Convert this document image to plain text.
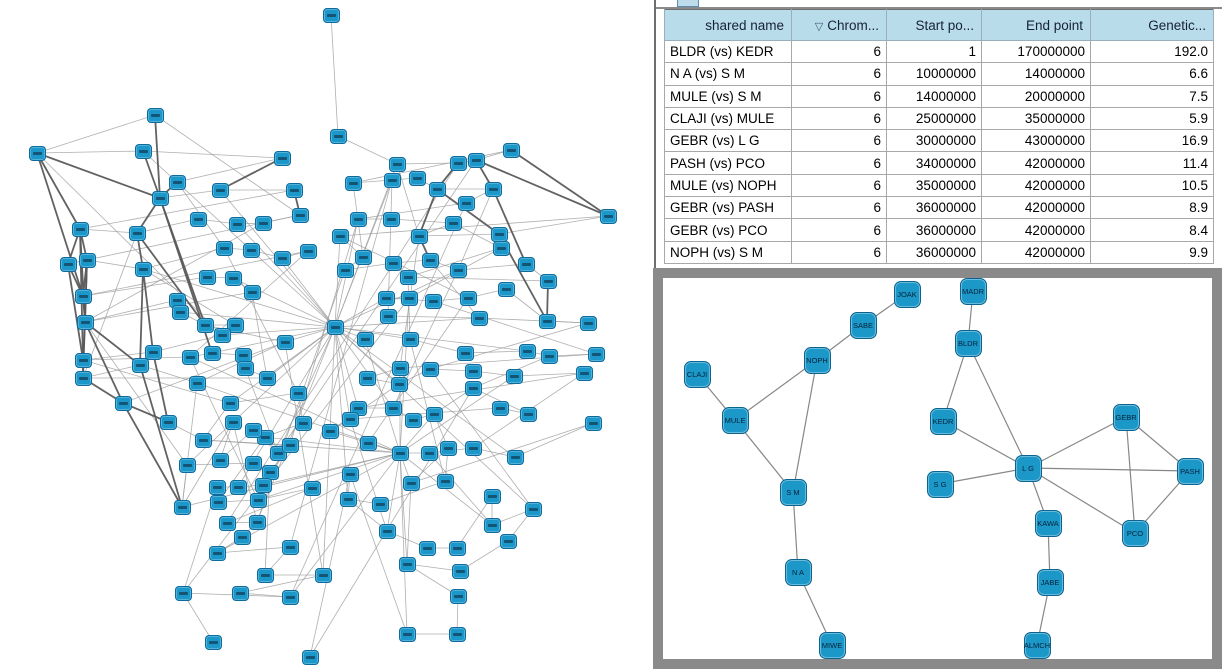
shared name	▽ Chrom...	Start po...	End point	Genetic...
BLDR (vs) KEDR	6	1	170000000	192.0
N A (vs) S M	6	10000000	14000000	6.6
MULE (vs) S M	6	14000000	20000000	7.5
CLAJI (vs) MULE	6	25000000	35000000	5.9
GEBR (vs) L G	6	30000000	43000000	16.9
PASH (vs) PCO	6	34000000	42000000	11.4
MULE (vs) NOPH	6	35000000	42000000	10.5
GEBR (vs) PASH	6	36000000	42000000	8.9
GEBR (vs) PCO	6	36000000	42000000	8.4
NOPH (vs) S M	6	36000000	42000000	9.9
JOAK	MADR
SABE
BLDR
NOPH
CLAJI
MULE	KEDR	GEBR
L G
S G
PASH
S M
KAWA
PCO
N A
JABE
MIWE	ALMCH
